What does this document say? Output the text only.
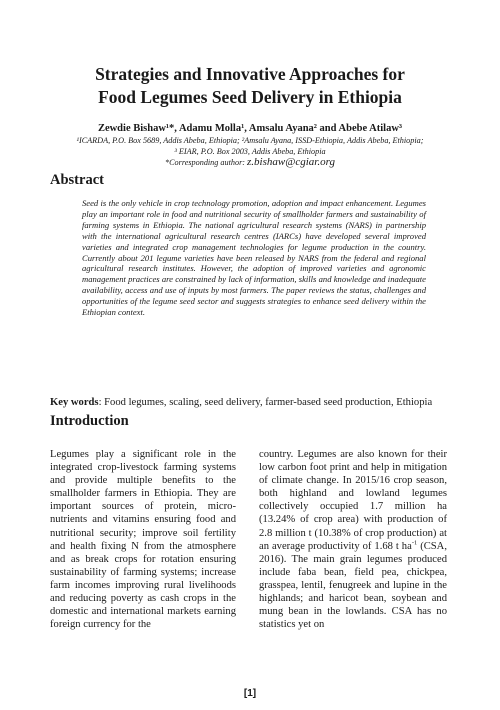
Strategies and Innovative Approaches for
Food Legumes Seed Delivery in Ethiopia
Zewdie Bishaw¹*, Adamu Molla¹, Amsalu Ayana² and Abebe Atilaw³
¹ICARDA, P.O. Box 5689, Addis Abeba, Ethiopia; ²Amsalu Ayana, ISSD-Ethiopia, Addis Abeba, Ethiopia;
³ EIAR, P.O. Box 2003, Addis Abeba, Ethiopia
*Corresponding author: z.bishaw@cgiar.org
Abstract

Seed is the only vehicle in crop technology promotion, adoption and impact enhancement. Legumes play an important role in food and nutritional security of smallholder farmers and sustainability of farming systems in Ethiopia. The national agricultural research systems (NARS) in partnership with the international agricultural research centres (IARCs) have developed several improved varieties and integrated crop management technologies for legume production in the country. Currently about 201 legume varieties have been released by NARS from the federal and regional agricultural research institutes. However, the adoption of improved varieties and agronomic management practices are constrained by lack of information, skills and knowledge and inadequate availability, access and use of inputs by most farmers. The paper reviews the status, challenges and opportunities of the legume seed sector and suggests strategies to enhance seed delivery within the Ethiopian context.

Key words: Food legumes, scaling, seed delivery, farmer-based seed production, Ethiopia

Introduction

Legumes play a significant role in the integrated crop-livestock farming systems and provide multiple benefits to the smallholder farmers in Ethiopia. They are important sources of protein, micro-nutrients and vitamins ensuring food and nutritional security; improve soil fertility and health fixing N from the atmosphere and as break crops for rotation ensuring sustainability of farming systems; increase farm incomes improving rural livelihoods and reducing poverty as cash crops in the domestic and international markets earning foreign currency for the

country. Legumes are also known for their low carbon foot print and help in mitigation of climate change. In 2015/16 crop season, both highland and lowland legumes collectively occupied 1.7 million ha (13.24% of crop area) with production of 2.8 million t (10.38% of crop production) at an average productivity of 1.68 t $ha^{-1}$ (CSA, 2016). The main grain legumes produced include faba bean, field pea, chickpea, grasspea, lentil, fenugreek and lupine in the highlands; and haricot bean, soybean and mung bean in the lowlands. CSA has no statistics yet on

[1]
